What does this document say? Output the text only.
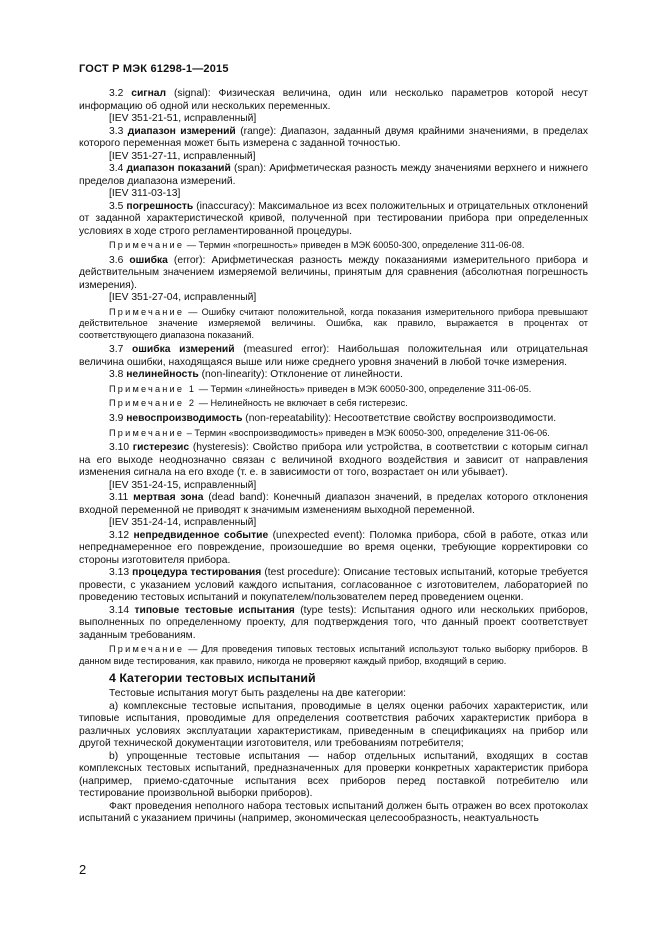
ГОСТ Р МЭК 61298-1—2015

3.2 сигнал (signal): Физическая величина, один или несколько параметров которой несут информацию об одной или нескольких переменных.

[IEV 351-21-51, исправленный]

3.3 диапазон измерений (range): Диапазон, заданный двумя крайними значениями, в пределах которого переменная может быть измерена с заданной точностью.

[IEV 351-27-11, исправленный]

3.4 диапазон показаний (span): Арифметическая разность между значениями верхнего и нижнего пределов диапазона измерений.

[IEV 311-03-13]

3.5 погрешность (inaccuracy): Максимальное из всех положительных и отрицательных отклонений от заданной характеристической кривой, полученной при тестировании прибора при определенных условиях в ходе строго регламентированной процедуры.

Примечание — Термин «погрешность» приведен в МЭК 60050-300, определение 311-06-08.

3.6 ошибка (error): Арифметическая разность между показаниями измерительного прибора и действительным значением измеряемой величины, принятым для сравнения (абсолютная погрешность измерения).

[IEV 351-27-04, исправленный]

Примечание — Ошибку считают положительной, когда показания измерительного прибора превышают действительное значение измеряемой величины. Ошибка, как правило, выражается в процентах от соответствующего диапазона показаний.

3.7 ошибка измерений (measured error): Наибольшая положительная или отрицательная величина ошибки, находящаяся выше или ниже среднего уровня значений в любой точке измерения.

3.8 нелинейность (non-linearity): Отклонение от линейности.

Примечание 1 — Термин «линейность» приведен в МЭК 60050-300, определение 311-06-05.

Примечание 2 — Нелинейность не включает в себя гистерезис.

3.9 невоспроизводимость (non-repeatability): Несоответствие свойству воспроизводимости.

Примечание – Термин «воспроизводимость» приведен в МЭК 60050-300, определение 311-06-06.

3.10 гистерезис (hysteresis): Свойство прибора или устройства, в соответствии с которым сигнал на его выходе неоднозначно связан с величиной входного воздействия и зависит от направления изменения сигнала на его входе (т. е. в зависимости от того, возрастает он или убывает).

[IEV 351-24-15, исправленный]

3.11 мертвая зона (dead band): Конечный диапазон значений, в пределах которого отклонения входной переменной не приводят к значимым изменениям выходной переменной.

[IEV 351-24-14, исправленный]

3.12 непредвиденное событие (unexpected event): Поломка прибора, сбой в работе, отказ или непреднамеренное его повреждение, произошедшие во время оценки, требующие корректировки со стороны изготовителя прибора.

3.13 процедура тестирования (test procedure): Описание тестовых испытаний, которые требуется провести, с указанием условий каждого испытания, согласованное с изготовителем, лабораторией по проведению тестовых испытаний и покупателем/пользователем перед проведением оценки.

3.14 типовые тестовые испытания (type tests): Испытания одного или нескольких приборов, выполненных по определенному проекту, для подтверждения того, что данный проект соответствует заданным требованиям.

Примечание — Для проведения типовых тестовых испытаний используют только выборку приборов. В данном виде тестирования, как правило, никогда не проверяют каждый прибор, входящий в серию.

4 Категории тестовых испытаний

Тестовые испытания могут быть разделены на две категории:

a) комплексные тестовые испытания, проводимые в целях оценки рабочих характеристик, или типовые испытания, проводимые для определения соответствия рабочих характеристик прибора в различных условиях эксплуатации характеристикам, приведенным в спецификациях на прибор или другой технической документации изготовителя, или требованиям потребителя;

b) упрощенные тестовые испытания — набор отдельных испытаний, входящих в состав комплексных тестовых испытаний, предназначенных для проверки конкретных характеристик прибора (например, приемо-сдаточные испытания всех приборов перед поставкой потребителю или тестирование произвольной выборки приборов).

Факт проведения неполного набора тестовых испытаний должен быть отражен во всех протоколах испытаний с указанием причины (например, экономическая целесообразность, неактуальность

2
